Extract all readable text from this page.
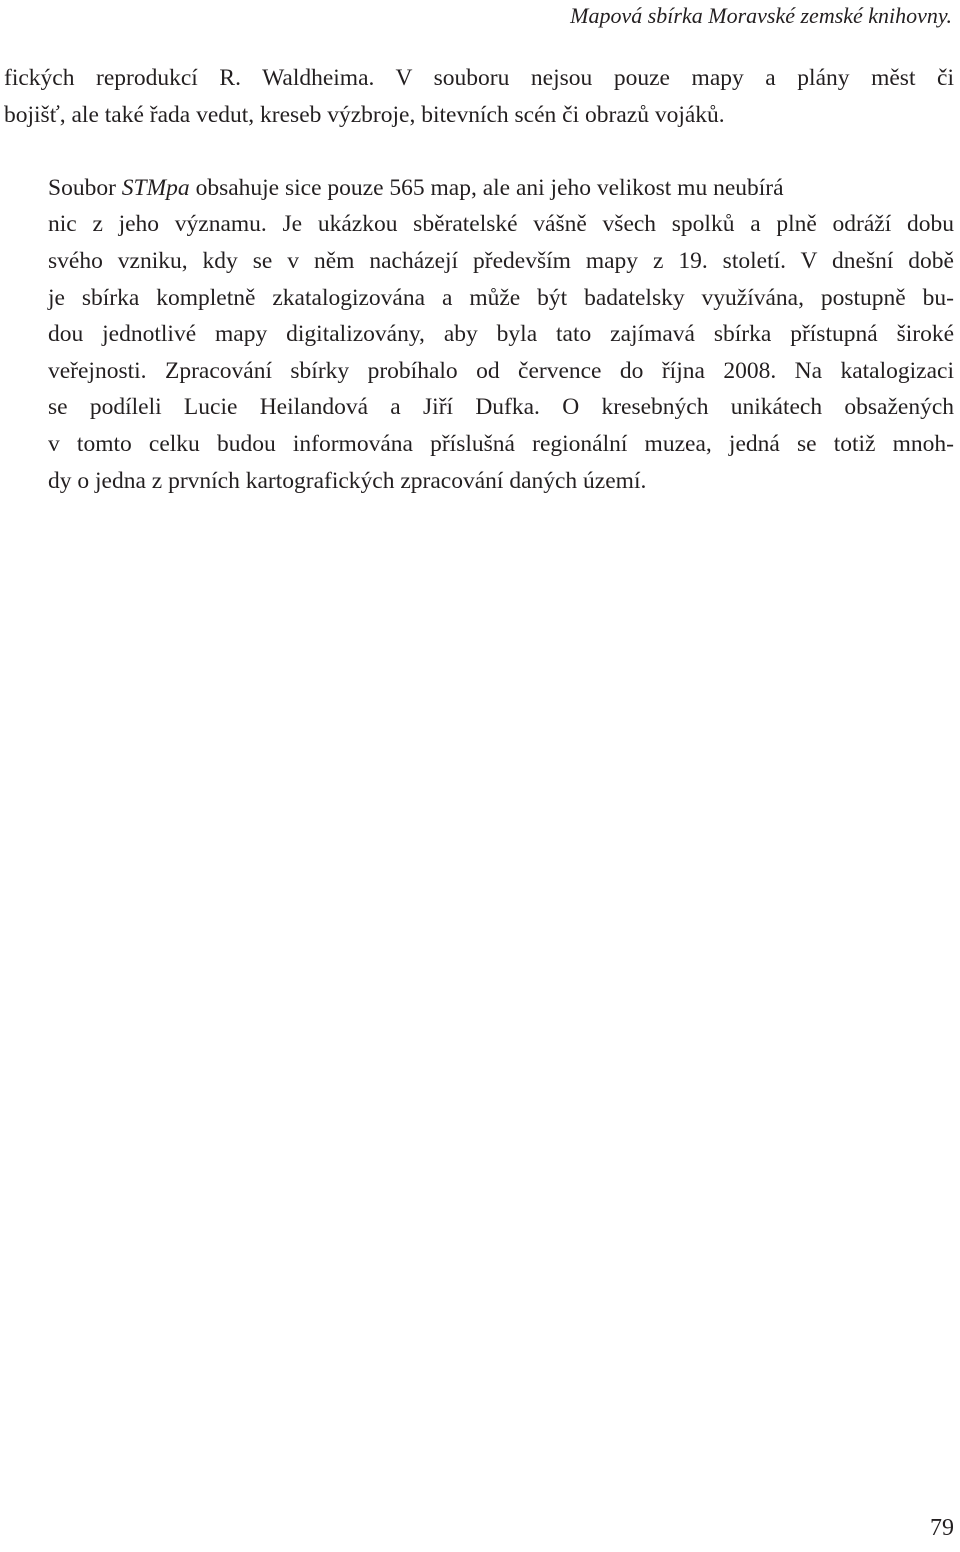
Mapová sbírka Moravské zemské knihovny.

fických reprodukcí R. Waldheima. V souboru nejsou pouze mapy a plány měst či
bojišť, ale také řada vedut, kreseb výzbroje, bitevních scén či obrazů vojáků.

Soubor STMpa obsahuje sice pouze 565 map, ale ani jeho velikost mu neubírá
nic z jeho významu. Je ukázkou sběratelské vášně všech spolků a plně odráží dobu
svého vzniku, kdy se v něm nacházejí především mapy z 19. století. V dnešní době
je sbírka kompletně zkatalogizována a může být badatelsky využívána, postupně bu-
dou jednotlivé mapy digitalizovány, aby byla tato zajímavá sbírka přístupná široké
veřejnosti. Zpracování sbírky probíhalo od července do října 2008. Na katalogizaci
se podíleli Lucie Heilandová a Jiří Dufka. O kresebných unikátech obsažených
v tomto celku budou informována příslušná regionální muzea, jedná se totiž mnoh-
dy o jedna z prvních kartografických zpracování daných území.

79
